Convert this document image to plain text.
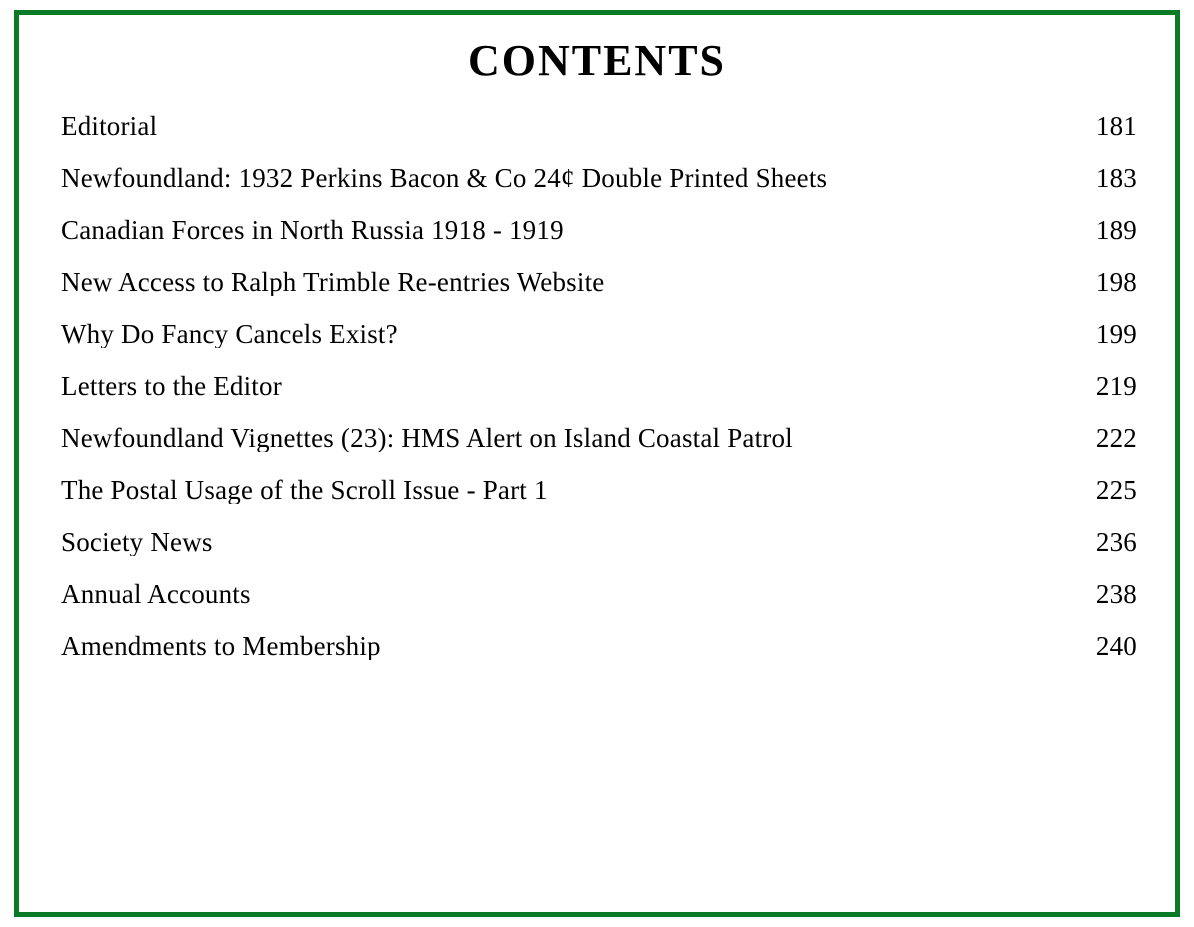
CONTENTS
Editorial	181
Newfoundland: 1932 Perkins Bacon & Co 24¢ Double Printed Sheets	183
Canadian Forces in North Russia 1918 - 1919	189
New Access to Ralph Trimble Re-entries Website	198
Why Do Fancy Cancels Exist?	199
Letters to the Editor	219
Newfoundland Vignettes (23): HMS Alert on Island Coastal Patrol	222
The Postal Usage of the Scroll Issue - Part 1	225
Society News	236
Annual Accounts	238
Amendments to Membership	240
